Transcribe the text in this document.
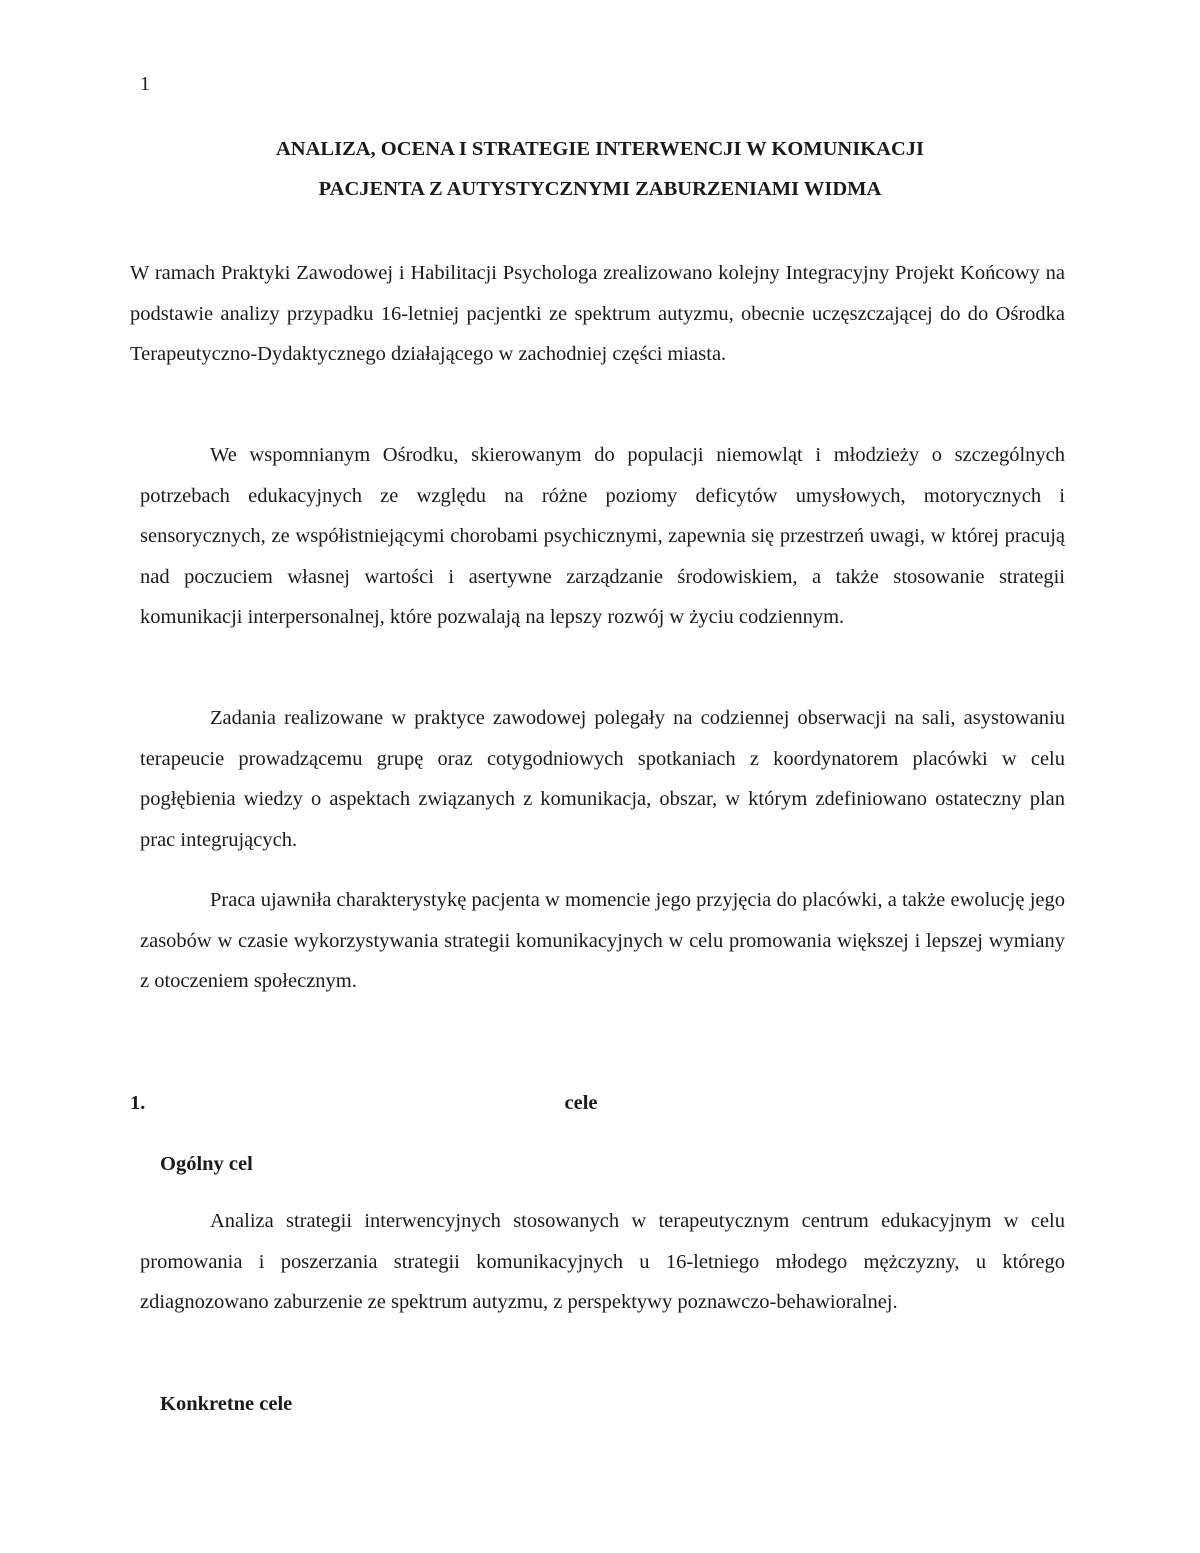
1
ANALIZA, OCENA I STRATEGIE INTERWENCJI W KOMUNIKACJI
PACJENTA Z AUTYSTYCZNYMI ZABURZENIAMI WIDMA

W ramach Praktyki Zawodowej i Habilitacji Psychologa zrealizowano kolejny Integracyjny Projekt Końcowy na podstawie analizy przypadku 16-letniej pacjentki ze spektrum autyzmu, obecnie uczęszczającej do do Ośrodka Terapeutyczno-Dydaktycznego działającego w zachodniej części miasta.

We wspomnianym Ośrodku, skierowanym do populacji niemowląt i młodzieży o szczególnych potrzebach edukacyjnych ze względu na różne poziomy deficytów umysłowych, motorycznych i sensorycznych, ze współistniejącymi chorobami psychicznymi, zapewnia się przestrzeń uwagi, w której pracują nad poczuciem własnej wartości i asertywne zarządzanie środowiskiem, a także stosowanie strategii komunikacji interpersonalnej, które pozwalają na lepszy rozwój w życiu codziennym.

Zadania realizowane w praktyce zawodowej polegały na codziennej obserwacji na sali, asystowaniu terapeucie prowadzącemu grupę oraz cotygodniowych spotkaniach z koordynatorem placówki w celu pogłębienia wiedzy o aspektach związanych z komunikacja, obszar, w którym zdefiniowano ostateczny plan prac integrujących.

Praca ujawniła charakterystykę pacjenta w momencie jego przyjęcia do placówki, a także ewolucję jego zasobów w czasie wykorzystywania strategii komunikacyjnych w celu promowania większej i lepszej wymiany z otoczeniem społecznym.

1.	cele
Ogólny cel

Analiza strategii interwencyjnych stosowanych w terapeutycznym centrum edukacyjnym w celu promowania i poszerzania strategii komunikacyjnych u 16-letniego młodego mężczyzny, u którego zdiagnozowano zaburzenie ze spektrum autyzmu, z perspektywy poznawczo-behawioralnej.

Konkretne cele
